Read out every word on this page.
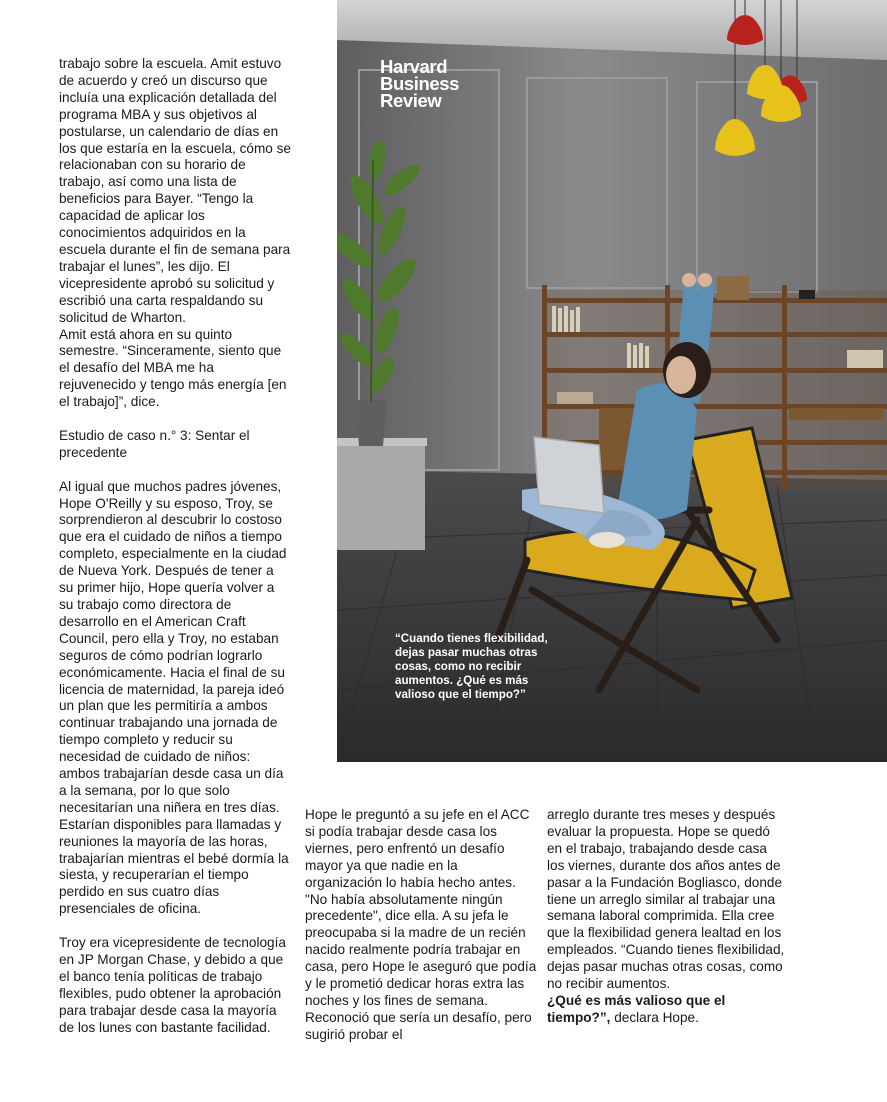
trabajo sobre la escuela. Amit estuvo de acuerdo y creó un discurso que incluía una explicación detallada del programa MBA y sus objetivos al postularse, un calendario de días en los que estaría en la escuela, cómo se relacionaban con su horario de trabajo, así como una lista de beneficios para Bayer. “Tengo la capacidad de aplicar los conocimientos adquiridos en la escuela durante el fin de semana para trabajar el lunes”, les dijo. El vicepresidente aprobó su solicitud y escribió una carta respaldando su solicitud de Wharton.

Amit está ahora en su quinto semestre. “Sinceramente, siento que el desafío del MBA me ha rejuvenecido y tengo más energía [en el trabajo]”, dice.

Estudio de caso n.° 3: Sentar el precedente

Al igual que muchos padres jóvenes, Hope O'Reilly y su esposo, Troy, se sorprendieron al descubrir lo costoso que era el cuidado de niños a tiempo completo, especialmente en la ciudad de Nueva York. Después de tener a su primer hijo, Hope quería volver a su trabajo como directora de desarrollo en el American Craft Council, pero ella y Troy, no estaban seguros de cómo podrían lograrlo económicamente. Hacia el final de su licencia de maternidad, la pareja ideó un plan que les permitiría a ambos continuar trabajando una jornada de tiempo completo y reducir su necesidad de cuidado de niños: ambos trabajarían desde casa un día a la semana, por lo que solo necesitarían una niñera en tres días. Estarían disponibles para llamadas y reuniones la mayoría de las horas, trabajarían mientras el bebé dormía la siesta, y recuperarían el tiempo perdido en sus cuatro días presenciales de oficina.

Troy era vicepresidente de tecnología en JP Morgan Chase, y debido a que el banco tenía políticas de trabajo flexibles, pudo obtener la aprobación para trabajar desde casa la mayoría de los lunes con bastante facilidad.

Harvard
Business
Review
“Cuando tienes flexibilidad, dejas pasar muchas otras cosas, como no recibir aumentos. ¿Qué es más valioso que el tiempo?”

Hope le preguntó a su jefe en el ACC si podía trabajar desde casa los viernes, pero enfrentó un desafío mayor ya que nadie en la organización lo había hecho antes. "No había absolutamente ningún precedente", dice ella. A su jefa le preocupaba si la madre de un recién nacido realmente podría trabajar en casa, pero Hope le aseguró que podía y le prometió dedicar horas extra las noches y los fines de semana. Reconoció que sería un desafío, pero sugirió probar el

arreglo durante tres meses y después evaluar la propuesta. Hope se quedó en el trabajo, trabajando desde casa los viernes, durante dos años antes de pasar a la Fundación Bogliasco, donde tiene un arreglo similar al trabajar una semana laboral comprimida. Ella cree que la flexibilidad genera lealtad en los empleados. “Cuando tienes flexibilidad, dejas pasar muchas otras cosas, como no recibir aumentos.
¿Qué es más valioso que el tiempo?”, declara Hope.
